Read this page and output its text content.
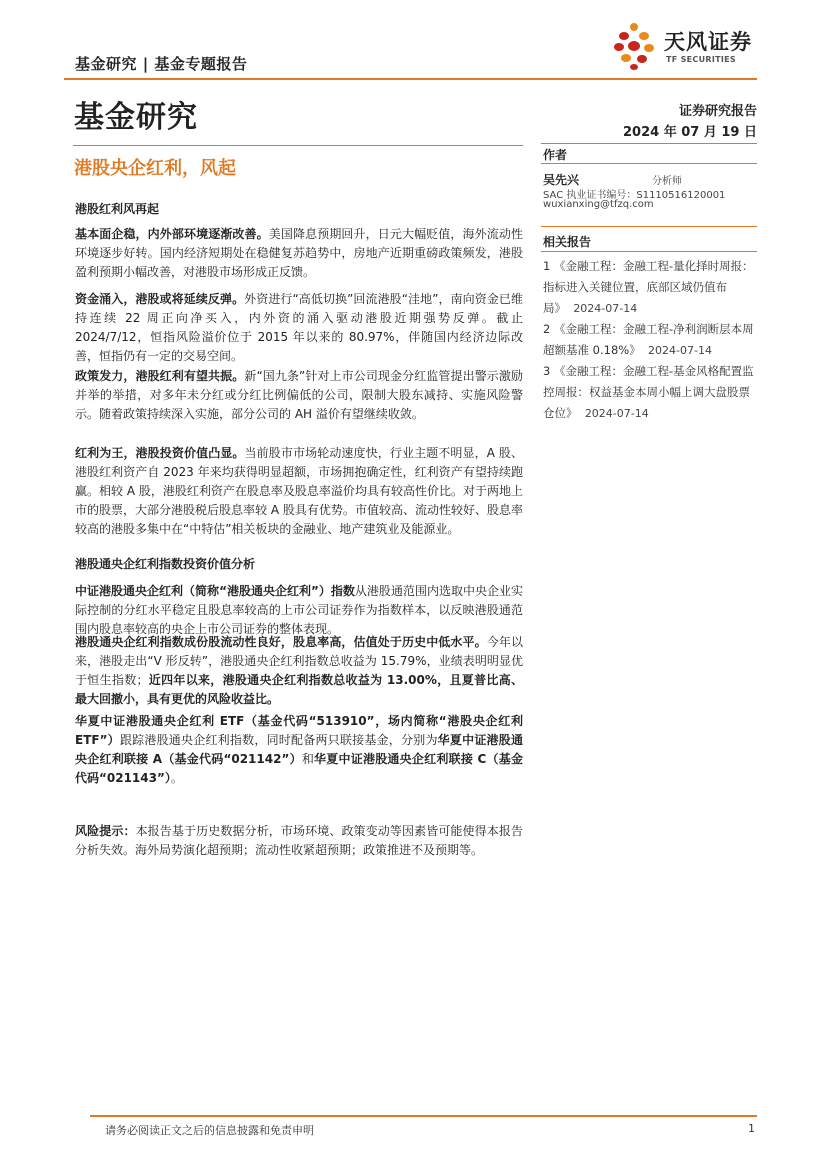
基金研究 | 基金专题报告
天风证券
TF SECURITIES
基金研究	证券研究报告
2024 年 07 月 19 日
港股央企红利，风起
港股红利风再起
基本面企稳，内外部环境逐渐改善。美国降息预期回升，日元大幅贬值，海外流动性环境逐步好转。国内经济短期处在稳健复苏趋势中，房地产近期重磅政策频发，港股盈利预期小幅改善，对港股市场形成正反馈。
资金涌入，港股或将延续反弹。外资进行“高低切换”回流港股“洼地”，南向资金已维持连续 22 周正向净买入，内外资的涌入驱动港股近期强势反弹。截止 2024/7/12，恒指风险溢价位于 2015 年以来的 80.97%，伴随国内经济边际改善，恒指仍有一定的交易空间。
政策发力，港股红利有望共振。新“国九条”针对上市公司现金分红监管提出警示激励并举的举措，对多年未分红或分红比例偏低的公司，限制大股东减持、实施风险警示。随着政策持续深入实施，部分公司的 AH 溢价有望继续收敛。
红利为王，港股投资价值凸显。当前股市市场轮动速度快，行业主题不明显，A 股、港股红利资产自 2023 年来均获得明显超额，市场拥抱确定性，红利资产有望持续跑赢。相较 A 股，港股红利资产在股息率及股息率溢价均具有较高性价比。对于两地上市的股票，大部分港股税后股息率较 A 股具有优势。市值较高、流动性较好、股息率较高的港股多集中在“中特估”相关板块的金融业、地产建筑业及能源业。
港股通央企红利指数投资价值分析
中证港股通央企红利（简称“港股通央企红利”）指数从港股通范围内选取中央企业实际控制的分红水平稳定且股息率较高的上市公司证券作为指数样本，以反映港股通范围内股息率较高的央企上市公司证券的整体表现。
港股通央企红利指数成份股流动性良好，股息率高，估值处于历史中低水平。今年以来，港股走出“V 形反转”，港股通央企红利指数总收益为 15.79%，业绩表明明显优于恒生指数；近四年以来，港股通央企红利指数总收益为 13.00%，且夏普比高、最大回撤小，具有更优的风险收益比。
华夏中证港股通央企红利 ETF（基金代码“513910”，场内简称“港股央企红利 ETF”）跟踪港股通央企红利指数，同时配备两只联接基金，分别为华夏中证港股通央企红利联接 A（基金代码“021142”）和华夏中证港股通央企红利联接 C（基金代码“021143”）。
风险提示：本报告基于历史数据分析，市场环境、政策变动等因素皆可能使得本报告分析失效。海外局势演化超预期；流动性收紧超预期；政策推进不及预期等。
作者
吴先兴	分析师
SAC 执业证书编号：S1110516120001
wuxianxing@tfzq.com
相关报告
1 《金融工程：金融工程-量化择时周报：指标进入关键位置，底部区域仍值布局》 2024-07-14
2 《金融工程：金融工程-净利润断层本周超额基准 0.18%》 2024-07-14
3 《金融工程：金融工程-基金风格配置监控周报：权益基金本周小幅上调大盘股票仓位》 2024-07-14
请务必阅读正文之后的信息披露和免责申明	1
